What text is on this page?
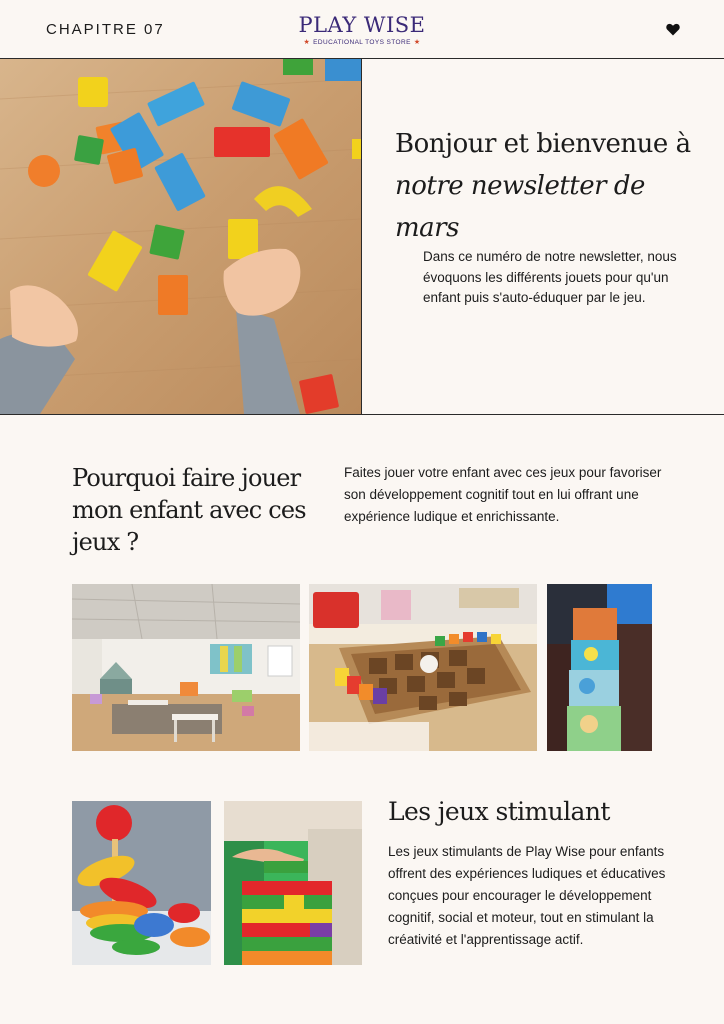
CHAPITRE 07	PLAY WISE
★ EDUCATIONAL TOYS STORE ★
Bonjour et bienvenue à
notre newsletter de mars
Dans ce numéro de notre newsletter, nous évoquons les différents jouets pour qu'un enfant puis s'auto-éduquer par le jeu.
Pourquoi faire jouer mon enfant avec ces jeux ?
Faites jouer votre enfant avec ces jeux pour favoriser son développement cognitif tout en lui offrant une expérience ludique et enrichissante.
Les jeux stimulant
Les jeux stimulants de Play Wise pour enfants offrent des expériences ludiques et éducatives conçues pour encourager le développement cognitif, social et moteur, tout en stimulant la créativité et l'apprentissage actif.
